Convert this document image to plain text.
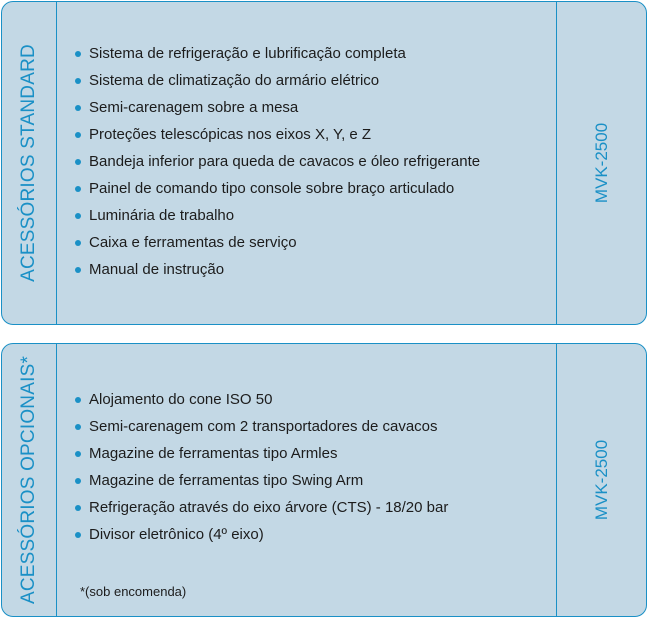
ACESSÓRIOS STANDARD	Sistema de refrigeração e lubrificação completa
Sistema de climatização do armário elétrico
Semi-carenagem sobre a mesa
Proteções telescópicas nos eixos X, Y, e Z
Bandeja inferior para queda de cavacos e óleo refrigerante
Painel de comando tipo console sobre braço articulado
Luminária de trabalho
Caixa e ferramentas de serviço
Manual de instrução
MVK-2500
ACESSÓRIOS OPCIONAIS*	Alojamento do cone ISO 50
Semi-carenagem com 2 transportadores de cavacos
Magazine de ferramentas tipo Armles
Magazine de ferramentas tipo Swing Arm
Refrigeração através do eixo árvore (CTS) - 18/20 bar
Divisor eletrônico (4º eixo)
*(sob encomenda)
MVK-2500
